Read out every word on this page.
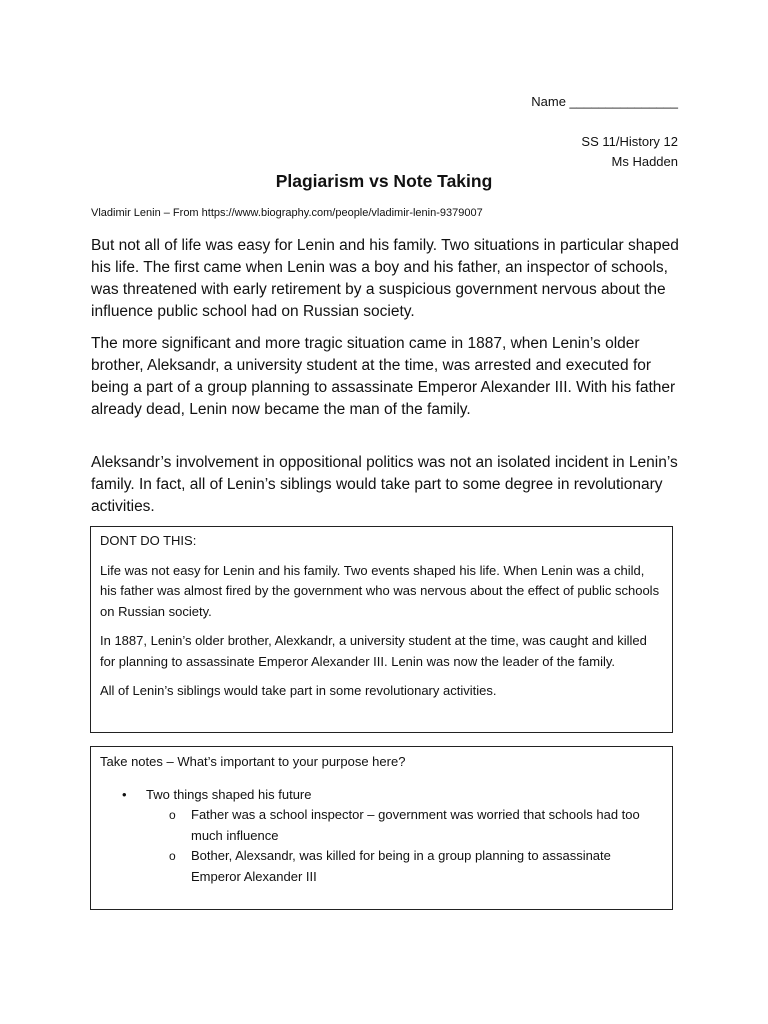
Name _______________
SS 11/History 12
Ms Hadden
Plagiarism vs Note Taking
Vladimir Lenin – From https://www.biography.com/people/vladimir-lenin-9379007

But not all of life was easy for Lenin and his family. Two situations in particular shaped his life. The first came when Lenin was a boy and his father, an inspector of schools, was threatened with early retirement by a suspicious government nervous about the influence public school had on Russian society.

The more significant and more tragic situation came in 1887, when Lenin’s older brother, Aleksandr, a university student at the time, was arrested and executed for being a part of a group planning to assassinate Emperor Alexander III. With his father already dead, Lenin now became the man of the family.

Aleksandr’s involvement in oppositional politics was not an isolated incident in Lenin’s family. In fact, all of Lenin’s siblings would take part to some degree in revolutionary activities.

DONT DO THIS:

Life was not easy for Lenin and his family. Two events shaped his life. When Lenin was a child, his father was almost fired by the government who was nervous about the effect of public schools on Russian society.

In 1887, Lenin’s older brother, Alexkandr, a university student at the time, was caught and killed for planning to assassinate Emperor Alexander III. Lenin was now the leader of the family.

All of Lenin’s siblings would take part in some revolutionary activities.

Take notes – What’s important to your purpose here?

• Two things shaped his future
o Father was a school inspector – government was worried that schools had too much influence
o Bother, Alexsandr, was killed for being in a group planning to assassinate Emperor Alexander III
